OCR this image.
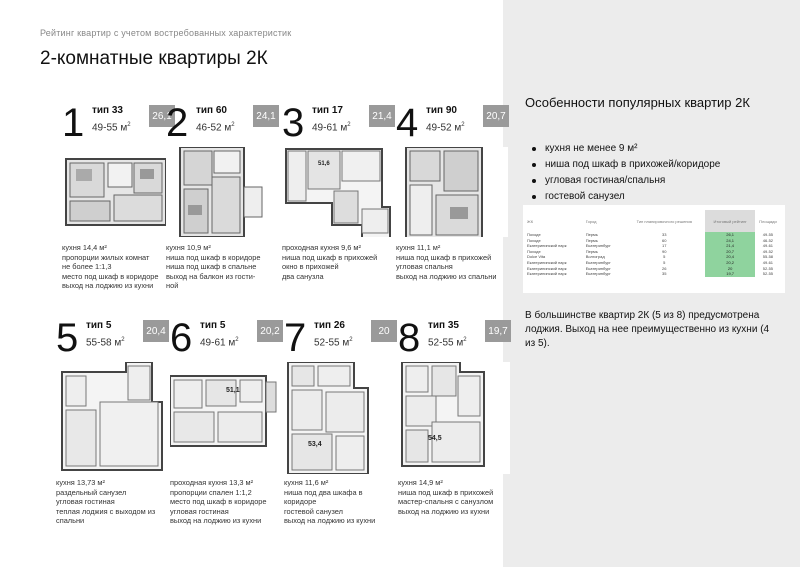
Рейтинг квартир с учетом востребованных характеристик
2-комнатные квартиры 2К
1 тип 33
49-55 $м^2$
26,1
кухня 14,4 м²
пропорции жилых комнат
не более 1:1,3
место под шкаф в коридоре
выход на лоджию из кухни
2 тип 60
46-52 $м^2$
24,1
кухня 10,9 м²
ниша под шкаф в коридоре
ниша под шкаф в спальне
выход на балкон из гости-
ной
3 тип 17
49-61 $м^2$
21,4
51,6
проходная кухня 9,6 м²
ниша под шкаф в прихожей
окно в прихожей
два санузла
4 тип 90
49-52 $м^2$
20,7
кухня 11,1 м²
ниша под шкаф в прихожей
угловая спальня
выход на лоджию из спальни
5 тип 5
55-58 $м^2$
20,4
кухня 13,73 м²
раздельный санузел
угловая гостиная
теплая лоджия с выходом из
спальни
6 тип 5
49-61 $м^2$
20,2
51,1
проходная кухня 13,3 м²
пропорции спален 1:1,2
место под шкаф в коридоре
угловая гостиная
выход на лоджию из кухни
7 тип 26
52-55 $м^2$
20
53,4
кухня 11,6 м²
ниша под два шкафа в
коридоре
гостевой санузел
выход на лоджию из кухни
8 тип 35
52-55 $м^2$
19,7
54,5
кухня 14,9 м²
ниша под шкаф в прихожей
мастер-спальня с санузлом
выход на лоджию из кухни
Особенности популярных квартир 2К
кухня не менее 9 м²
ниша под шкаф в прихожей/коридоре
угловая гостиная/спальня
гостевой санузел
ЖК	Город	Тип планировочного решения	Итоговый рейтинг	Площади
Походе	Пермь	33	26,1	49-55
Походе	Пермь	60	24,1	46-52
Екатерининский парк	Екатеринбург	17	21,4	49-61
Походе	Пермь	90	20,7	49-52
Dolce Vita	Волгоград	5	20,4	55-58
Екатерининский парк	Екатеринбург	5	20,2	49-61
Екатерининский парк	Екатеринбург	26	20	52-55
Екатерининский парк	Екатеринбург	35	19,7	52-55
В большинстве квартир 2К (5 из 8) предусмотрена лоджия. Выход на нее преимущественно из кухни (4 из 5).
